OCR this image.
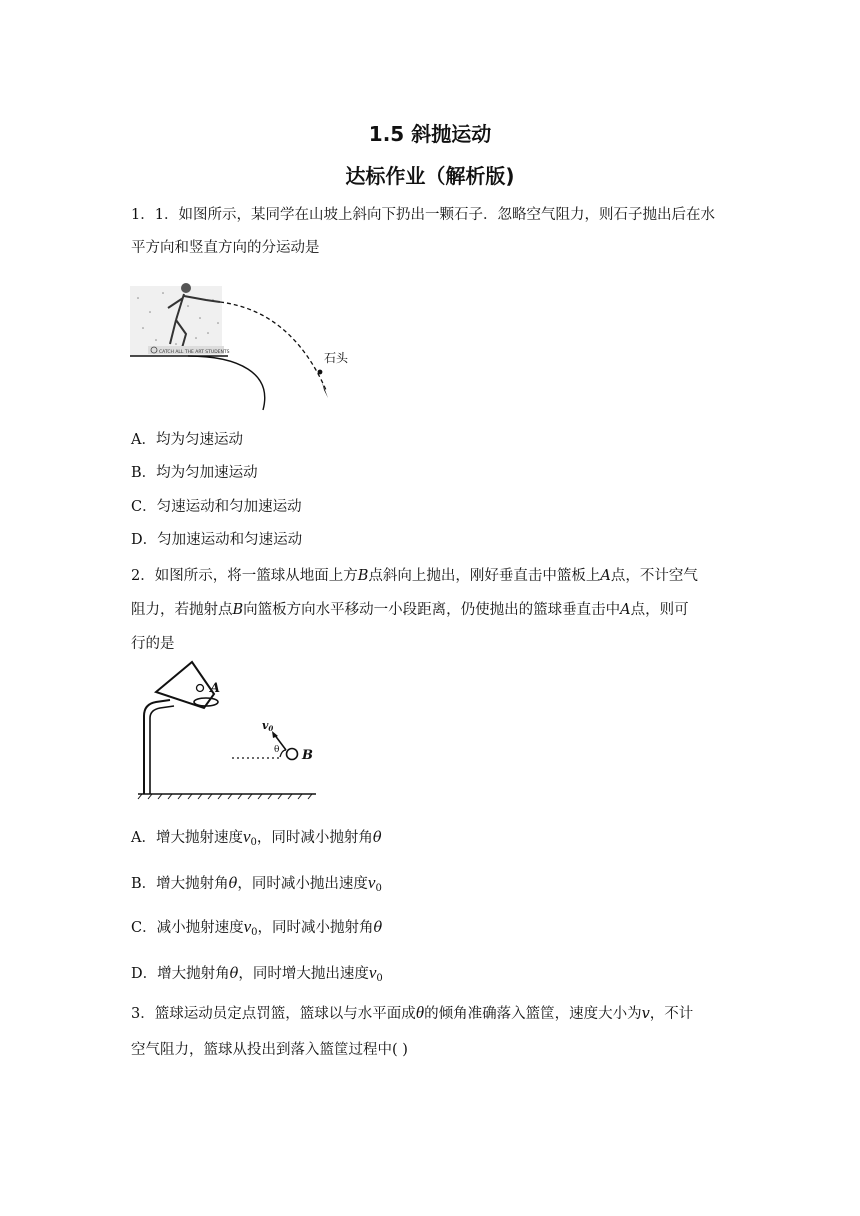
1.5 斜抛运动
达标作业（解析版)
1．1．如图所示，某同学在山坡上斜向下扔出一颗石子．忽略空气阻力，则石子抛出后在水
平方向和竖直方向的分运动是
CATCH ALL THE ART STUDENTS	石头
A．均为匀速运动
B．均为匀加速运动
C．匀速运动和匀加速运动
D．匀加速运动和匀速运动
2．如图所示，将一篮球从地面上方B点斜向上抛出，刚好垂直击中篮板上A点，不计空气
阻力，若抛射点B向篮板方向水平移动一小段距离，仍使抛出的篮球垂直击中A点，则可
行的是
A
θ
v0
B
A．增大抛射速度$v_0$，同时减小抛射角θ
B．增大抛射角θ，同时减小抛出速度$v_0$
C．减小抛射速度$v_0$，同时减小抛射角θ
D．增大抛射角θ，同时增大抛出速度$v_0$
3．篮球运动员定点罚篮，篮球以与水平面成θ的倾角准确落入篮筐，速度大小为v，不计
空气阻力，篮球从投出到落入篮筐过程中( )
